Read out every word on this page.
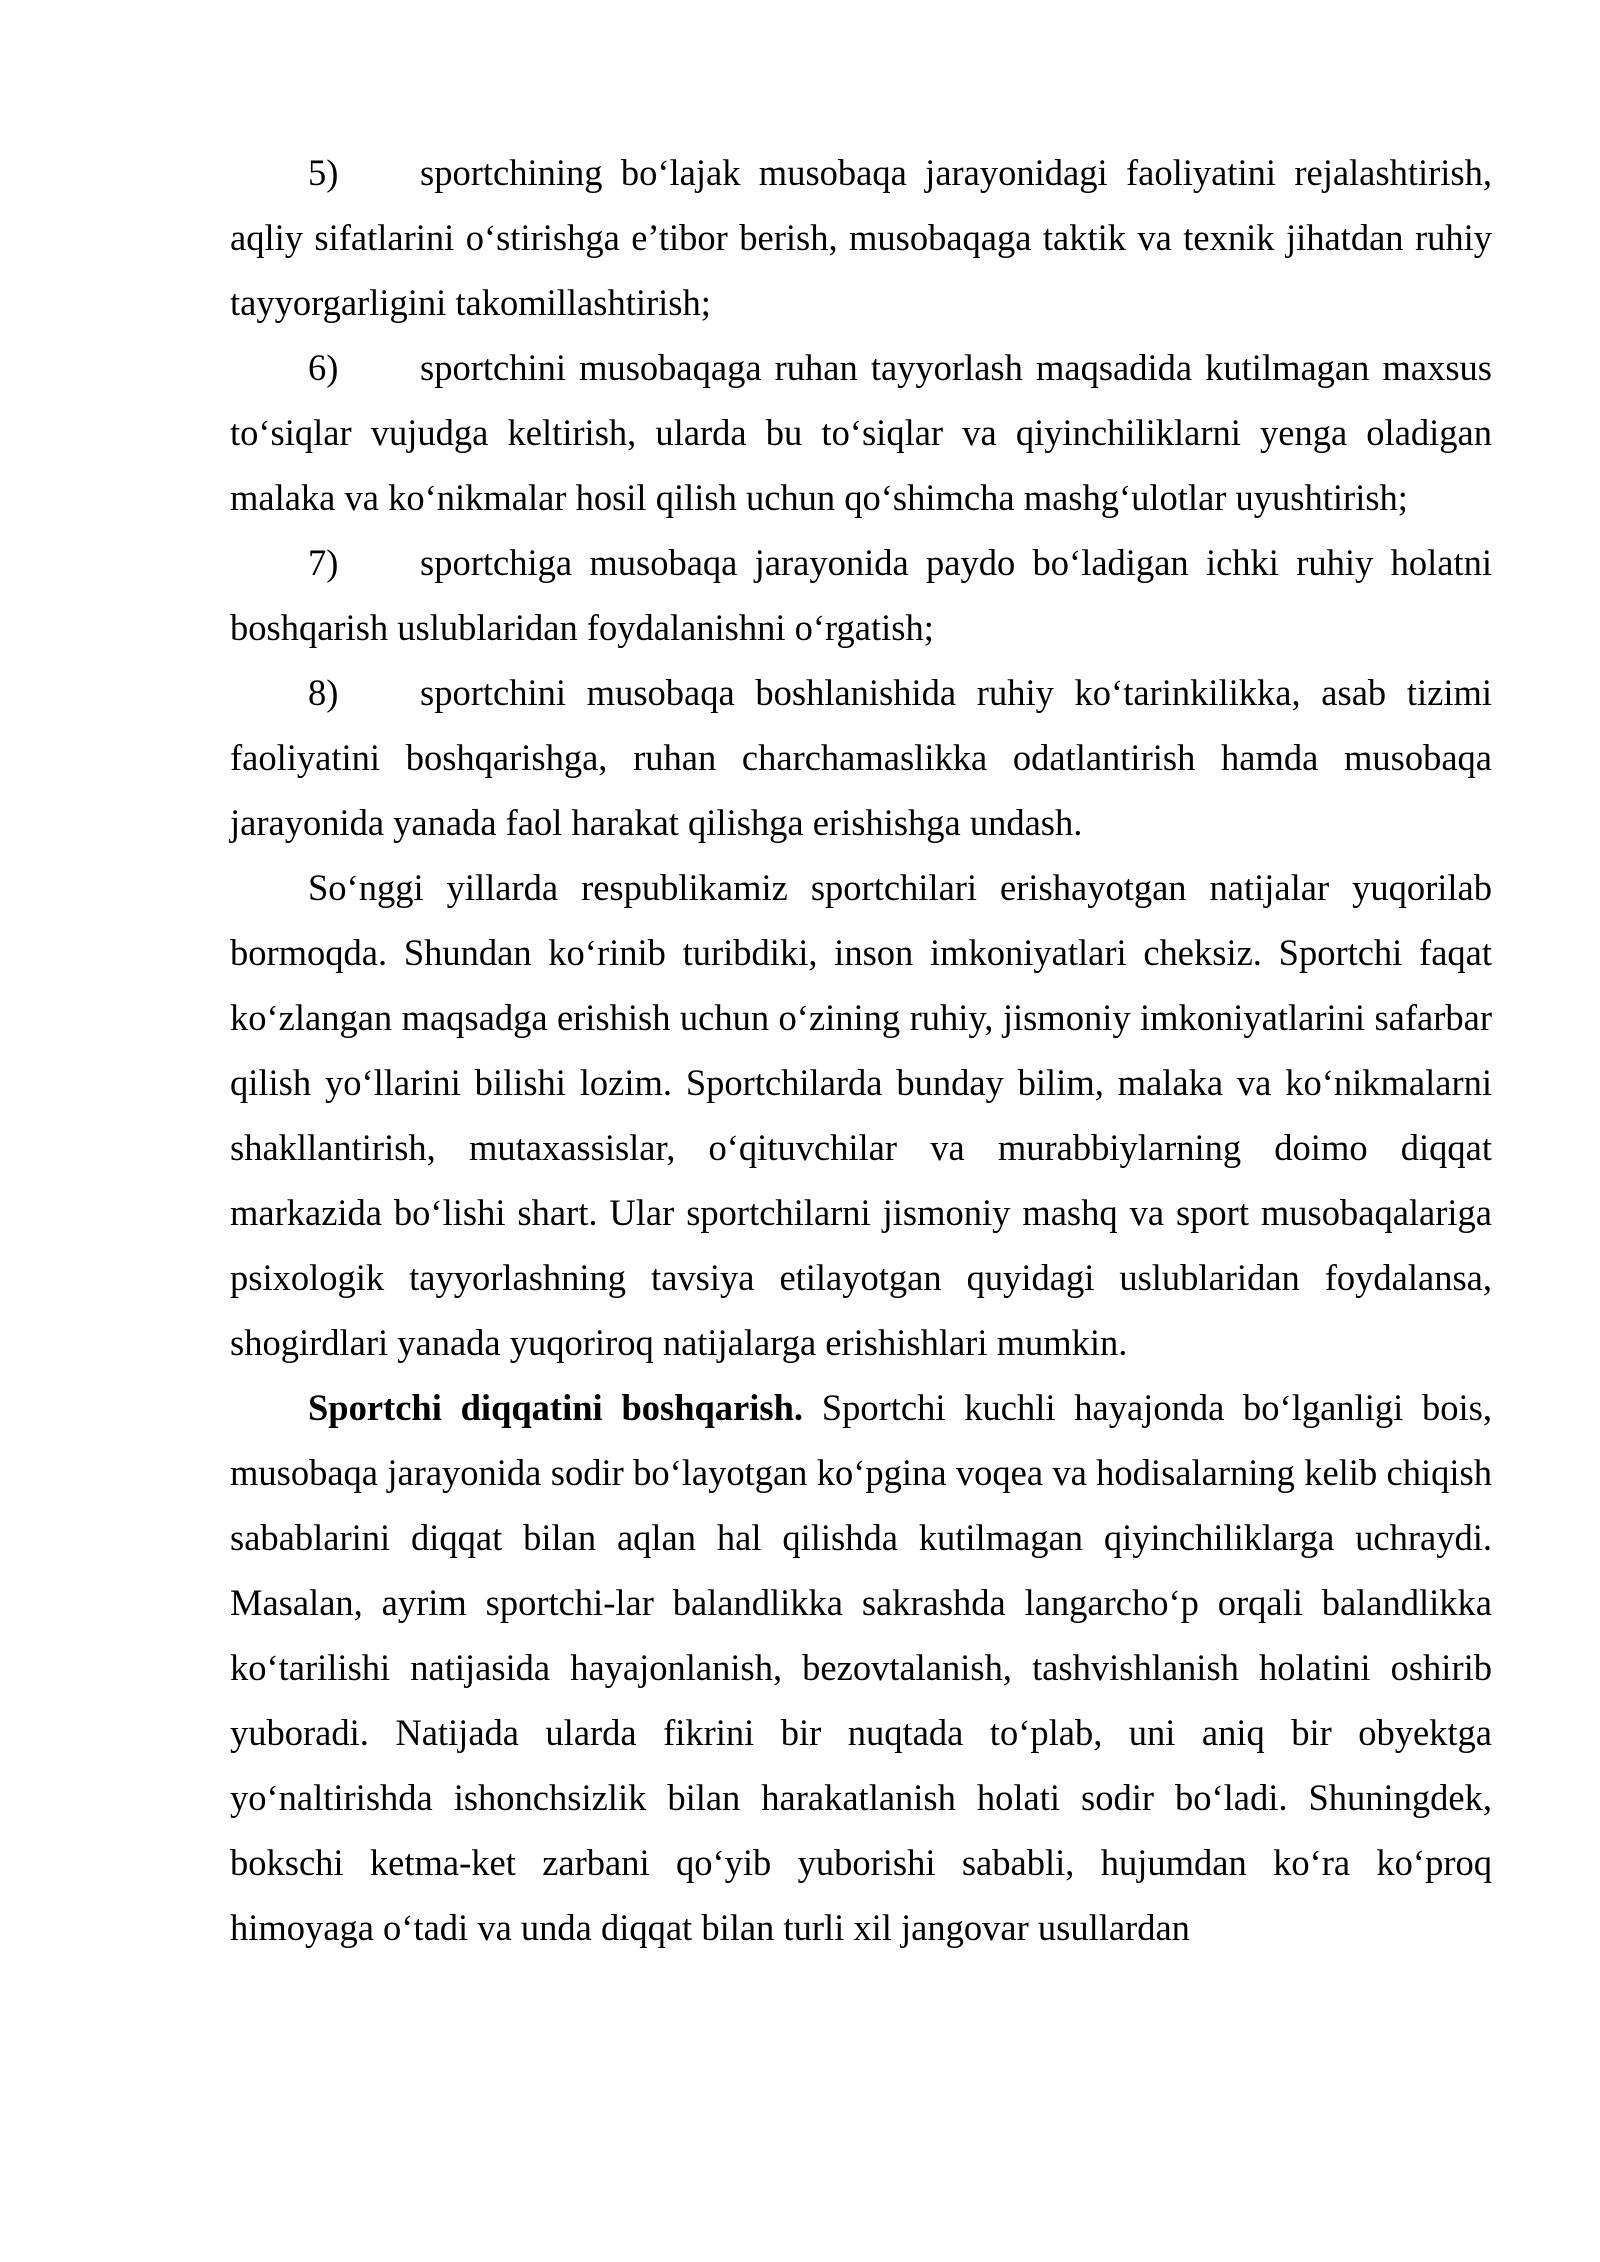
5) sportchining bo‘lajak musobaqa jarayonidagi faoliyatini rejalashtirish, aqliy sifatlarini o‘stirishga e’tibor berish, musobaqaga taktik va texnik jihatdan ruhiy tayyorgarligini takomillashtirish;

6) sportchini musobaqaga ruhan tayyorlash maqsadida kutilmagan maxsus to‘siqlar vujudga keltirish, ularda bu to‘siqlar va qiyinchiliklarni yenga oladigan malaka va ko‘nikmalar hosil qilish uchun qo‘shimcha mashg‘ulotlar uyushtirish;

7) sportchiga musobaqa jarayonida paydo bo‘ladigan ichki ruhiy holatni boshqarish uslublaridan foydalanishni o‘rgatish;

8) sportchini musobaqa boshlanishida ruhiy ko‘tarinkilikka, asab tizimi faoliyatini boshqarishga, ruhan charchamaslikka odatlantirish hamda musobaqa jarayonida yanada faol harakat qilishga erishishga undash.

So‘nggi yillarda respublikamiz sportchilari erishayotgan natijalar yuqorilab bormoqda. Shundan ko‘rinib turibdiki, inson imkoniyatlari cheksiz. Sportchi faqat ko‘zlangan maqsadga erishish uchun o‘zining ruhiy, jismoniy imkoniyatlarini safarbar qilish yo‘llarini bilishi lozim. Sportchilarda bunday bilim, malaka va ko‘nikmalarni shakllantirish, mutaxassislar, o‘qituvchilar va murabbiylarning doimo diqqat markazida bo‘lishi shart. Ular sportchilarni jismoniy mashq va sport musobaqalariga psixologik tayyorlashning tavsiya etilayotgan quyidagi uslublaridan foydalansa, shogirdlari yanada yuqoriroq natijalarga erishishlari mumkin.

Sportchi diqqatini boshqarish. Sportchi kuchli hayajonda bo‘lganligi bois, musobaqa jarayonida sodir bo‘layotgan ko‘pgina voqea va hodisalarning kelib chiqish sabablarini diqqat bilan aqlan hal qilishda kutilmagan qiyinchiliklarga uchraydi. Masalan, ayrim sportchi-lar balandlikka sakrashda langarcho‘p orqali balandlikka ko‘tarilishi natijasida hayajonlanish, bezovtalanish, tashvishlanish holatini oshirib yuboradi. Natijada ularda fikrini bir nuqtada to‘plab, uni aniq bir obyektga yo‘naltirishda ishonchsizlik bilan harakatlanish holati sodir bo‘ladi. Shuningdek, bokschi ketma-ket zarbani qo‘yib yuborishi sababli, hujumdan ko‘ra ko‘proq himoyaga o‘tadi va unda diqqat bilan turli xil jangovar usullardan
